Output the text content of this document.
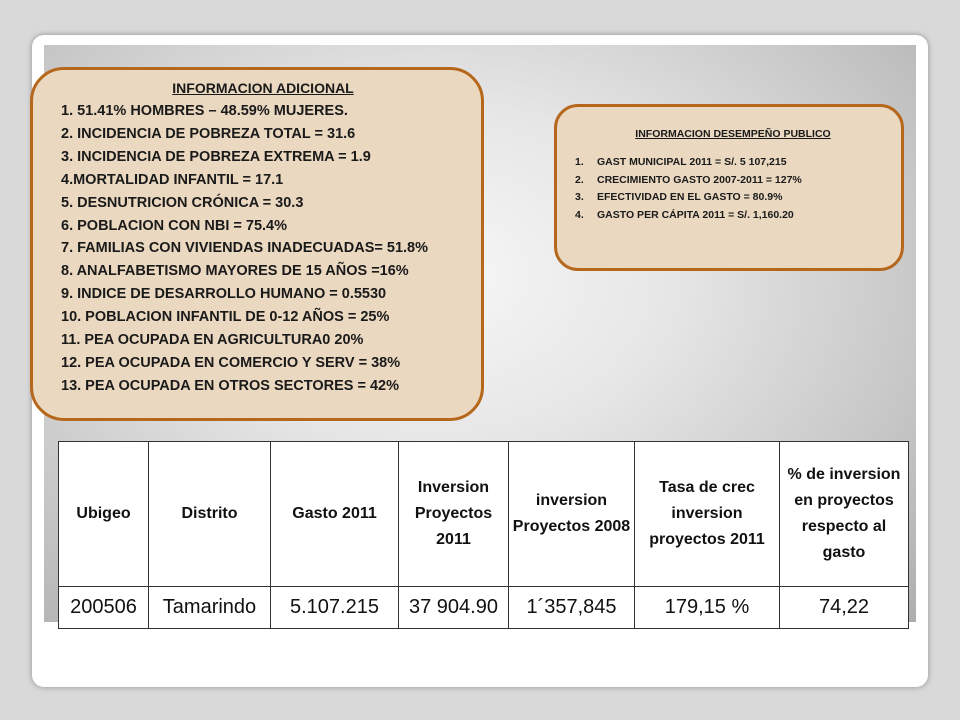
INFORMACION ADICIONAL
1. 51.41% HOMBRES – 48.59% MUJERES.
2. INCIDENCIA DE POBREZA TOTAL = 31.6
3. INCIDENCIA DE POBREZA EXTREMA = 1.9
4.MORTALIDAD INFANTIL = 17.1
5. DESNUTRICION CRÓNICA = 30.3
6. POBLACION CON NBI = 75.4%
7. FAMILIAS CON VIVIENDAS INADECUADAS= 51.8%
8. ANALFABETISMO MAYORES DE 15 AÑOS =16%
9. INDICE DE DESARROLLO HUMANO = 0.5530
10. POBLACION INFANTIL DE 0-12 AÑOS = 25%
11. PEA OCUPADA EN AGRICULTURA0 20%
12. PEA OCUPADA EN COMERCIO Y SERV = 38%
13. PEA OCUPADA EN OTROS SECTORES = 42%
INFORMACION DESEMPEÑO PUBLICO
1. GAST MUNICIPAL 2011 = S/. 5 107,215
2. CRECIMIENTO GASTO 2007-2011 = 127%
3. EFECTIVIDAD EN EL GASTO = 80.9%
4. GASTO PER CÁPITA 2011 = S/. 1,160.20
Ubigeo	Distrito	Gasto 2011	Inversion Proyectos 2011	inversion Proyectos 2008	Tasa de crec inversion proyectos 2011	% de inversion en proyectos respecto al gasto
200506	Tamarindo	5.107.215	37 904.90	1´357,845	179,15 %	74,22
